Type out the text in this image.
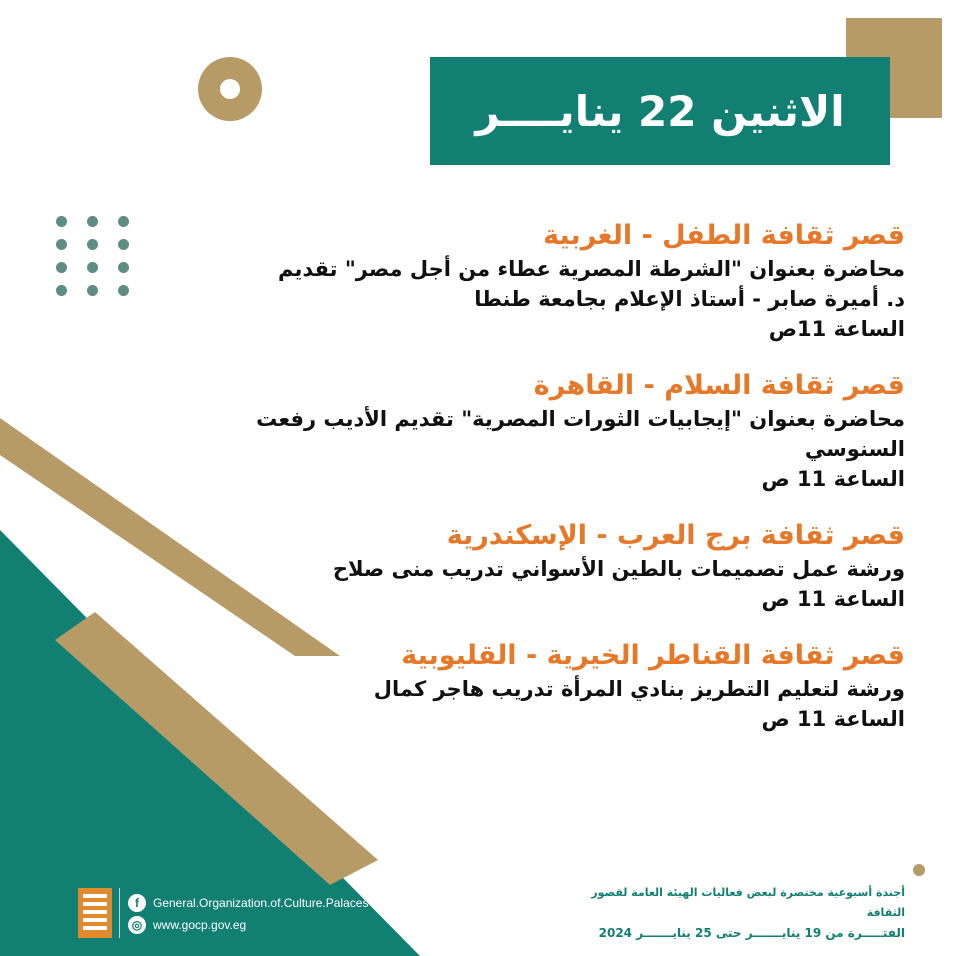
الاثنين 22 ينايــــر
قصر ثقافة الطفل - الغربية
محاضرة بعنوان "الشرطة المصرية عطاء من أجل مصر" تقديم
د. أميرة صابر - أستاذ الإعلام بجامعة طنطا
الساعة 11ص
قصر ثقافة السلام - القاهرة
محاضرة بعنوان "إيجابيات الثورات المصرية" تقديم الأديب رفعت السنوسي
الساعة 11 ص
قصر ثقافة برج العرب - الإسكندرية
ورشة عمل تصميمات بالطين الأسواني تدريب منى صلاح
الساعة 11 ص
قصر ثقافة القناطر الخيرية - القليوبية
ورشة لتعليم التطريز بنادي المرأة تدريب هاجر كمال
الساعة 11 ص
f	General.Organization.of.Culture.Palaces
◎ www.gocp.gov.eg
أجندة أسبوعية مختصرة لبعض فعاليات الهيئة العامة لقصور الثقافة
الفتـــــرة من 19 ينايـــــــر حتى 25 ينايـــــــر 2024
